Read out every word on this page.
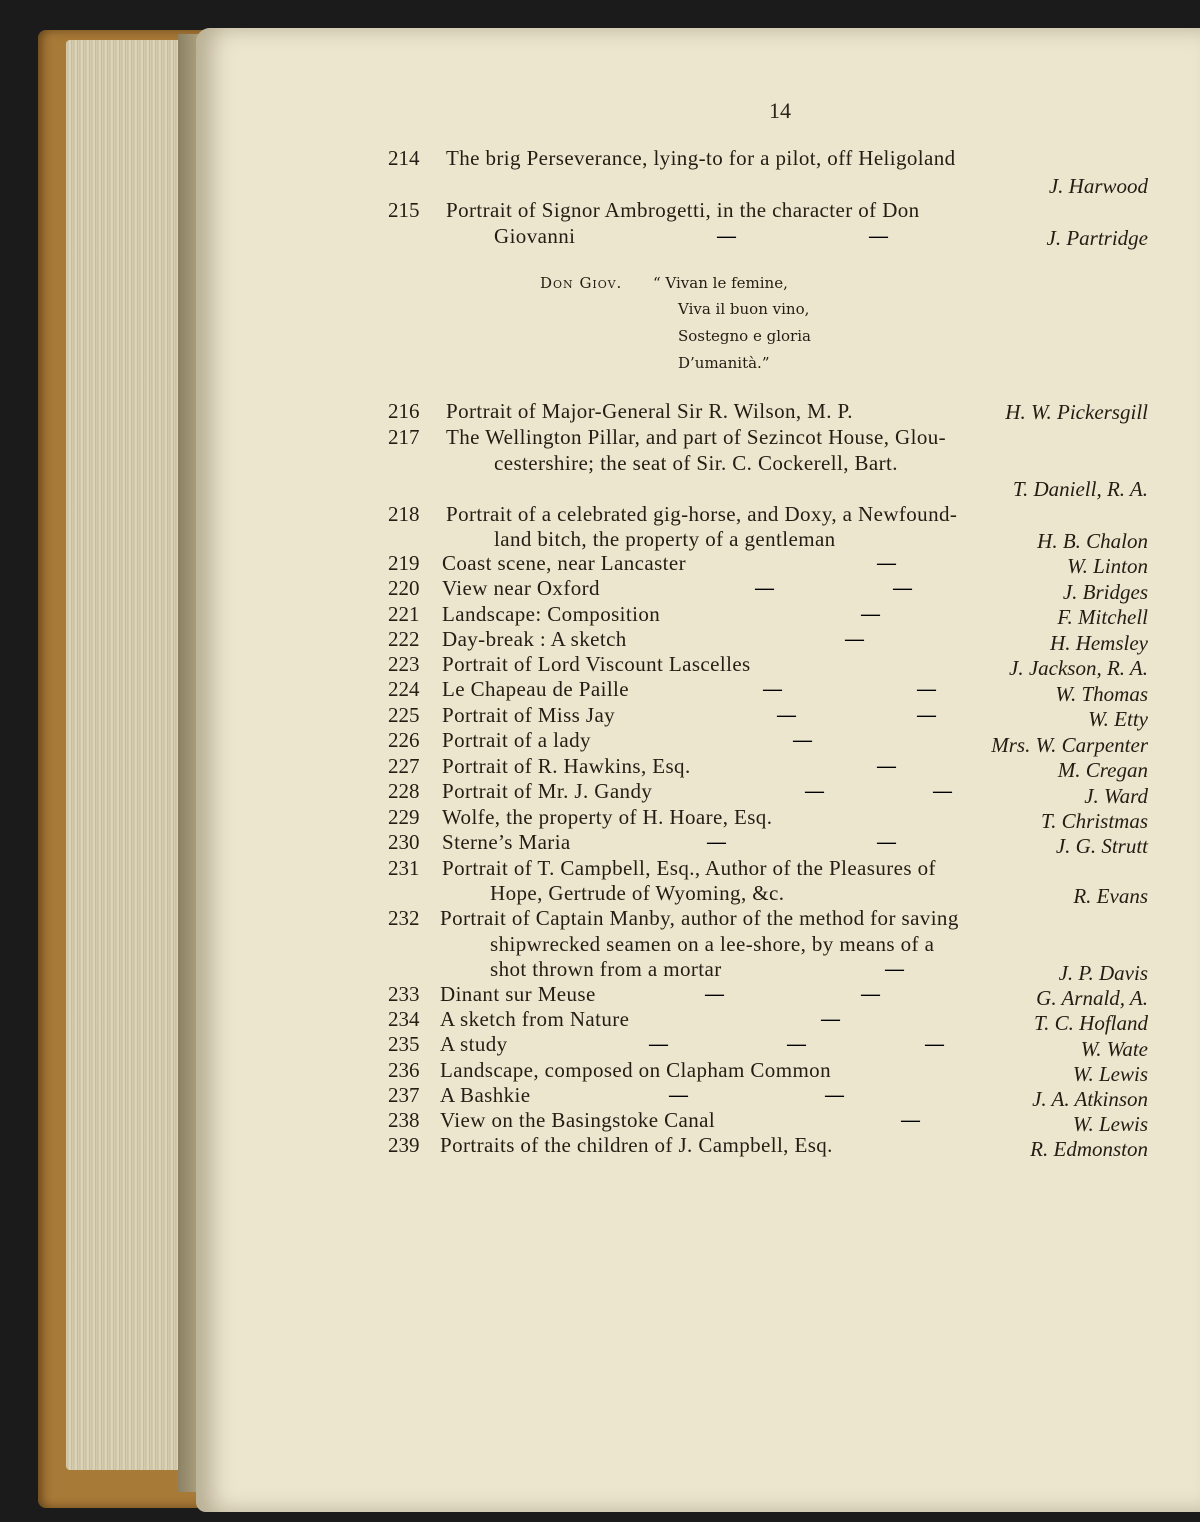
14
214 The brig Perseverance, lying-to for a pilot, off Heligoland
J. Harwood
215 Portrait of Signor Ambrogetti, in the character of Don
Giovanni	—	—	J. Partridge
Don Giov. “ Vivan le femine,
Viva il buon vino,
Sostegno e gloria
D’umanità.”
216 Portrait of Major-General Sir R. Wilson, M. P.	H. W. Pickersgill
217 The Wellington Pillar, and part of Sezincot House, Glou-
cestershire; the seat of Sir. C. Cockerell, Bart.
T. Daniell, R. A.
218 Portrait of a celebrated gig-horse, and Doxy, a Newfound-
land bitch, the property of a gentleman	H. B. Chalon
219 Coast scene, near Lancaster	—	W. Linton
220 View near Oxford	—	—	J. Bridges
221 Landscape: Composition	—	F. Mitchell
222 Day-break : A sketch	—	H. Hemsley
223 Portrait of Lord Viscount Lascelles	J. Jackson, R. A.
224 Le Chapeau de Paille	—	—	W. Thomas
225 Portrait of Miss Jay	—	—	W. Etty
226 Portrait of a lady	—	Mrs. W. Carpenter
227 Portrait of R. Hawkins, Esq.	—	M. Cregan
228 Portrait of Mr. J. Gandy	—	—	J. Ward
229 Wolfe, the property of H. Hoare, Esq.	T. Christmas
230 Sterne’s Maria	—	—	J. G. Strutt
231 Portrait of T. Campbell, Esq., Author of the Pleasures of
Hope, Gertrude of Wyoming, &c.	R. Evans
232 Portrait of Captain Manby, author of the method for saving
shipwrecked seamen on a lee-shore, by means of a
shot thrown from a mortar	—	J. P. Davis
233 Dinant sur Meuse	—	—	G. Arnald, A.
234 A sketch from Nature	—	T. C. Hofland
235 A study	—	—	—	W. Wate
236 Landscape, composed on Clapham Common	W. Lewis
237 A Bashkie	—	—	J. A. Atkinson
238 View on the Basingstoke Canal	—	W. Lewis
239 Portraits of the children of J. Campbell, Esq.	R. Edmonston
